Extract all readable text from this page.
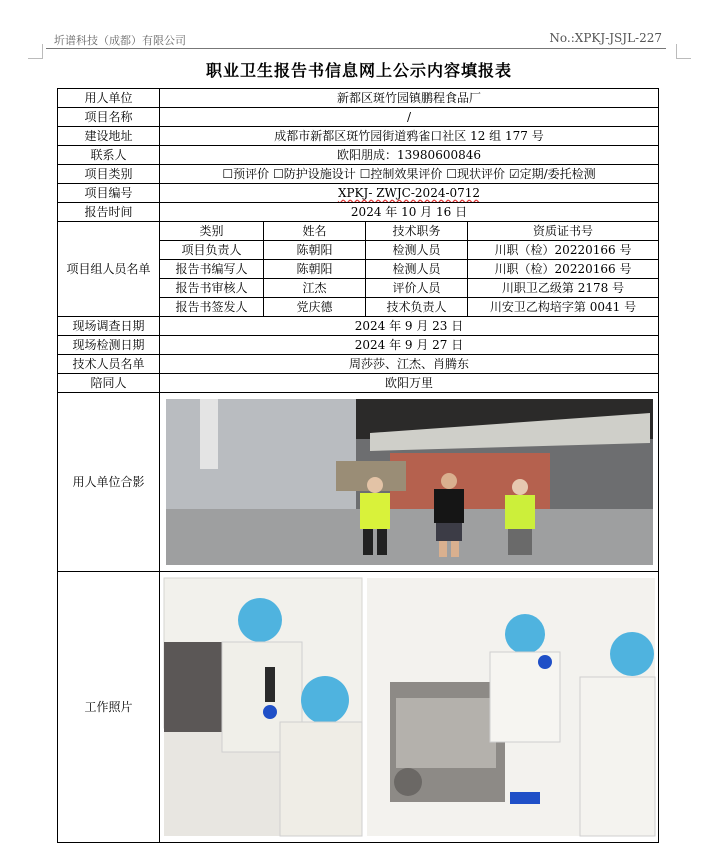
圻谱科技（成都）有限公司	No.:XPKJ-JSJL-227
职业卫生报告书信息网上公示内容填报表
用人单位	新都区斑竹园镇鹏程食品厂			
项目名称	/			
建设地址	成都市新都区斑竹园街道鸦雀口社区 12 组 177 号			
联系人	欧阳朋成：13980600846			
项目类别	☐预评价 ☐防护设施设计 ☐控制效果评价 ☐现状评价 ☑定期/委托检测			
项目编号	XPKJ- ZWJC-2024-0712			
报告时间	2024 年 10 月 16 日			
项目组人员名单	类别	姓名	技术职务	资质证书号
	项目负责人	陈朝阳	检测人员	川职（检）20220166 号
	报告书编写人	陈朝阳	检测人员	川职（检）20220166 号
	报告书审核人	江杰	评价人员	川职卫乙级第 2178 号
	报告书签发人	党庆德	技术负责人	川安卫乙构培字第 0041 号
现场调查日期	2024 年 9 月 23 日			
现场检测日期	2024 年 9 月 27 日			
技术人员名单	周莎莎、江杰、肖腾东			
陪同人	欧阳万里			
用人单位合影	

工作照片	
